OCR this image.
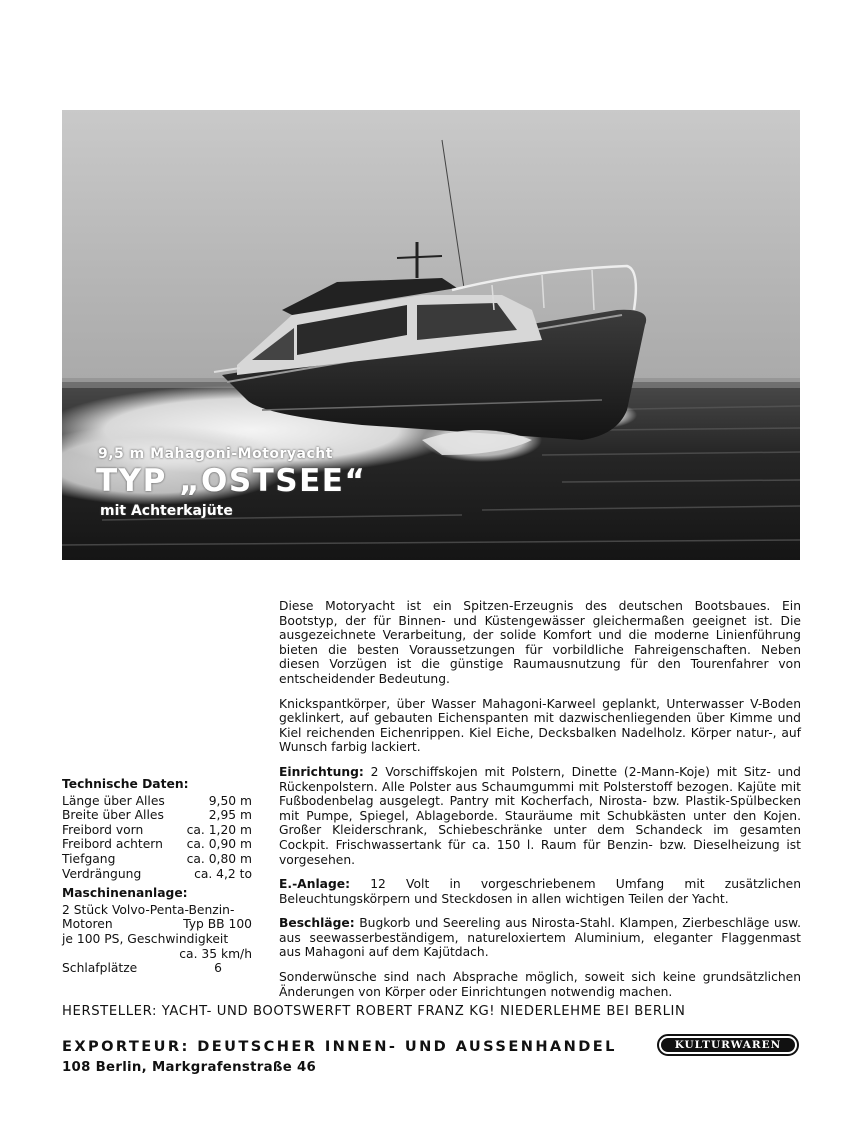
9,5 m Mahagoni-Motoryacht
TYP „OSTSEE“
mit Achterkajüte
Technische Daten:
Länge über Alles	9,50 m
Breite über Alles	2,95 m
Freibord vorn	ca. 1,20 m
Freibord achtern ca. 0,90 m
Tiefgang	ca. 0,80 m
Verdrängung	ca. 4,2 to
Maschinenanlage:
2 Stück Volvo-Penta-Benzin-
Motoren	Typ BB 100
je 100 PS, Geschwindigkeit
ca. 35 km/h
Schlafplätze	6

Diese Motoryacht ist ein Spitzen-Erzeugnis des deutschen Bootsbaues. Ein Bootstyp, der für Binnen- und Küstengewässer gleichermaßen geeignet ist. Die ausgezeichnete Verarbeitung, der solide Komfort und die moderne Linienführung bieten die besten Voraussetzungen für vorbildliche Fahreigenschaften. Neben diesen Vorzügen ist die günstige Raumausnutzung für den Tourenfahrer von entscheidender Bedeutung.

Knickspantkörper, über Wasser Mahagoni-Karweel geplankt, Unterwasser V-Boden geklinkert, auf gebauten Eichenspanten mit dazwischenliegenden über Kimme und Kiel reichenden Eichenrippen. Kiel Eiche, Decksbalken Nadelholz. Körper natur-, auf Wunsch farbig lackiert.

Einrichtung: 2 Vorschiffskojen mit Polstern, Dinette (2-Mann-Koje) mit Sitz- und Rückenpolstern. Alle Polster aus Schaumgummi mit Polsterstoff bezogen. Kajüte mit Fußbodenbelag ausgelegt. Pantry mit Kocherfach, Nirosta- bzw. Plastik-Spülbecken mit Pumpe, Spiegel, Ablageborde. Stauräume mit Schubkästen unter den Kojen. Großer Kleiderschrank, Schiebeschränke unter dem Schandeck im gesamten Cockpit. Frischwassertank für ca. 150 l. Raum für Benzin- bzw. Dieselheizung ist vorgesehen.

E.-Anlage: 12 Volt in vorgeschriebenem Umfang mit zusätzlichen Beleuchtungskörpern und Steckdosen in allen wichtigen Teilen der Yacht.

Beschläge: Bugkorb und Seereling aus Nirosta-Stahl. Klampen, Zierbeschläge usw. aus seewasserbeständigem, natureloxiertem Aluminium, eleganter Flaggenmast aus Mahagoni auf dem Kajütdach.

Sonderwünsche sind nach Absprache möglich, soweit sich keine grundsätzlichen Änderungen von Körper oder Einrichtungen notwendig machen.

HERSTELLER: YACHT- UND BOOTSWERFT ROBERT FRANZ KG! NIEDERLEHME BEI BERLIN
EXPORTEUR: DEUTSCHER INNEN- UND AUSSENHANDEL	KULTURWAREN
108 Berlin, Markgrafenstraße 46
